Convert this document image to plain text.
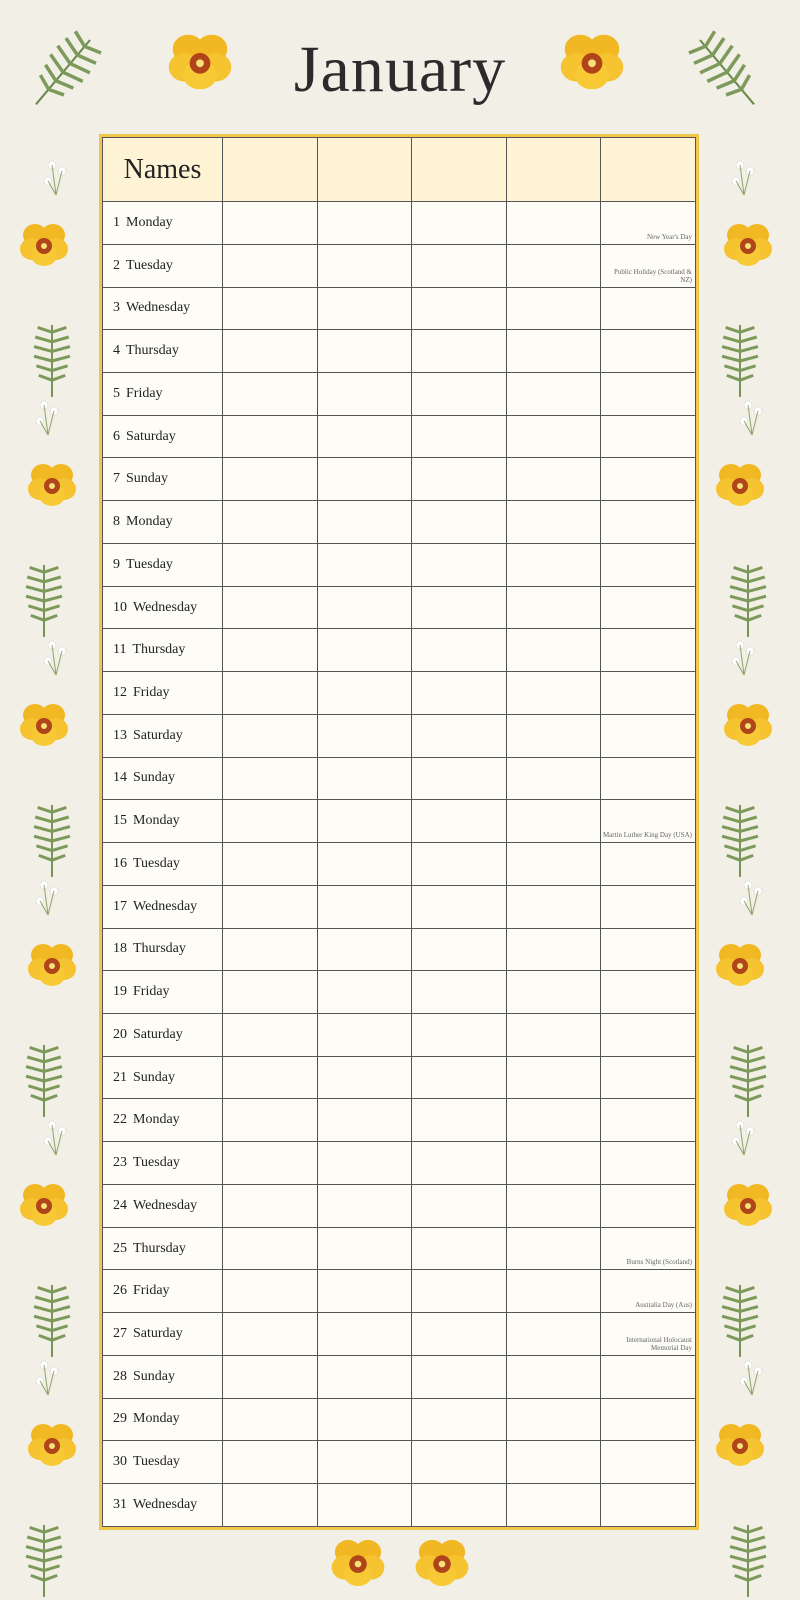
January
Names					
1 Monday					New Year's Day

2 Tuesday					Public Holiday (Scotland & NZ)

3 Wednesday					
4 Thursday					
5 Friday					
6 Saturday					
7 Sunday					
8 Monday					
9 Tuesday					
10 Wednesday					
11 Thursday					
12 Friday					
13 Saturday					
14 Sunday					
15 Monday					Martin Luther King Day (USA)

16 Tuesday					
17 Wednesday					
18 Thursday					
19 Friday					
20 Saturday					
21 Sunday					
22 Monday					
23 Tuesday					
24 Wednesday					
25 Thursday					Burns Night (Scotland)

26 Friday					Australia Day (Aus)

27 Saturday					International Holocaust Memorial Day

28 Sunday					
29 Monday					
30 Tuesday					
31 Wednesday					
